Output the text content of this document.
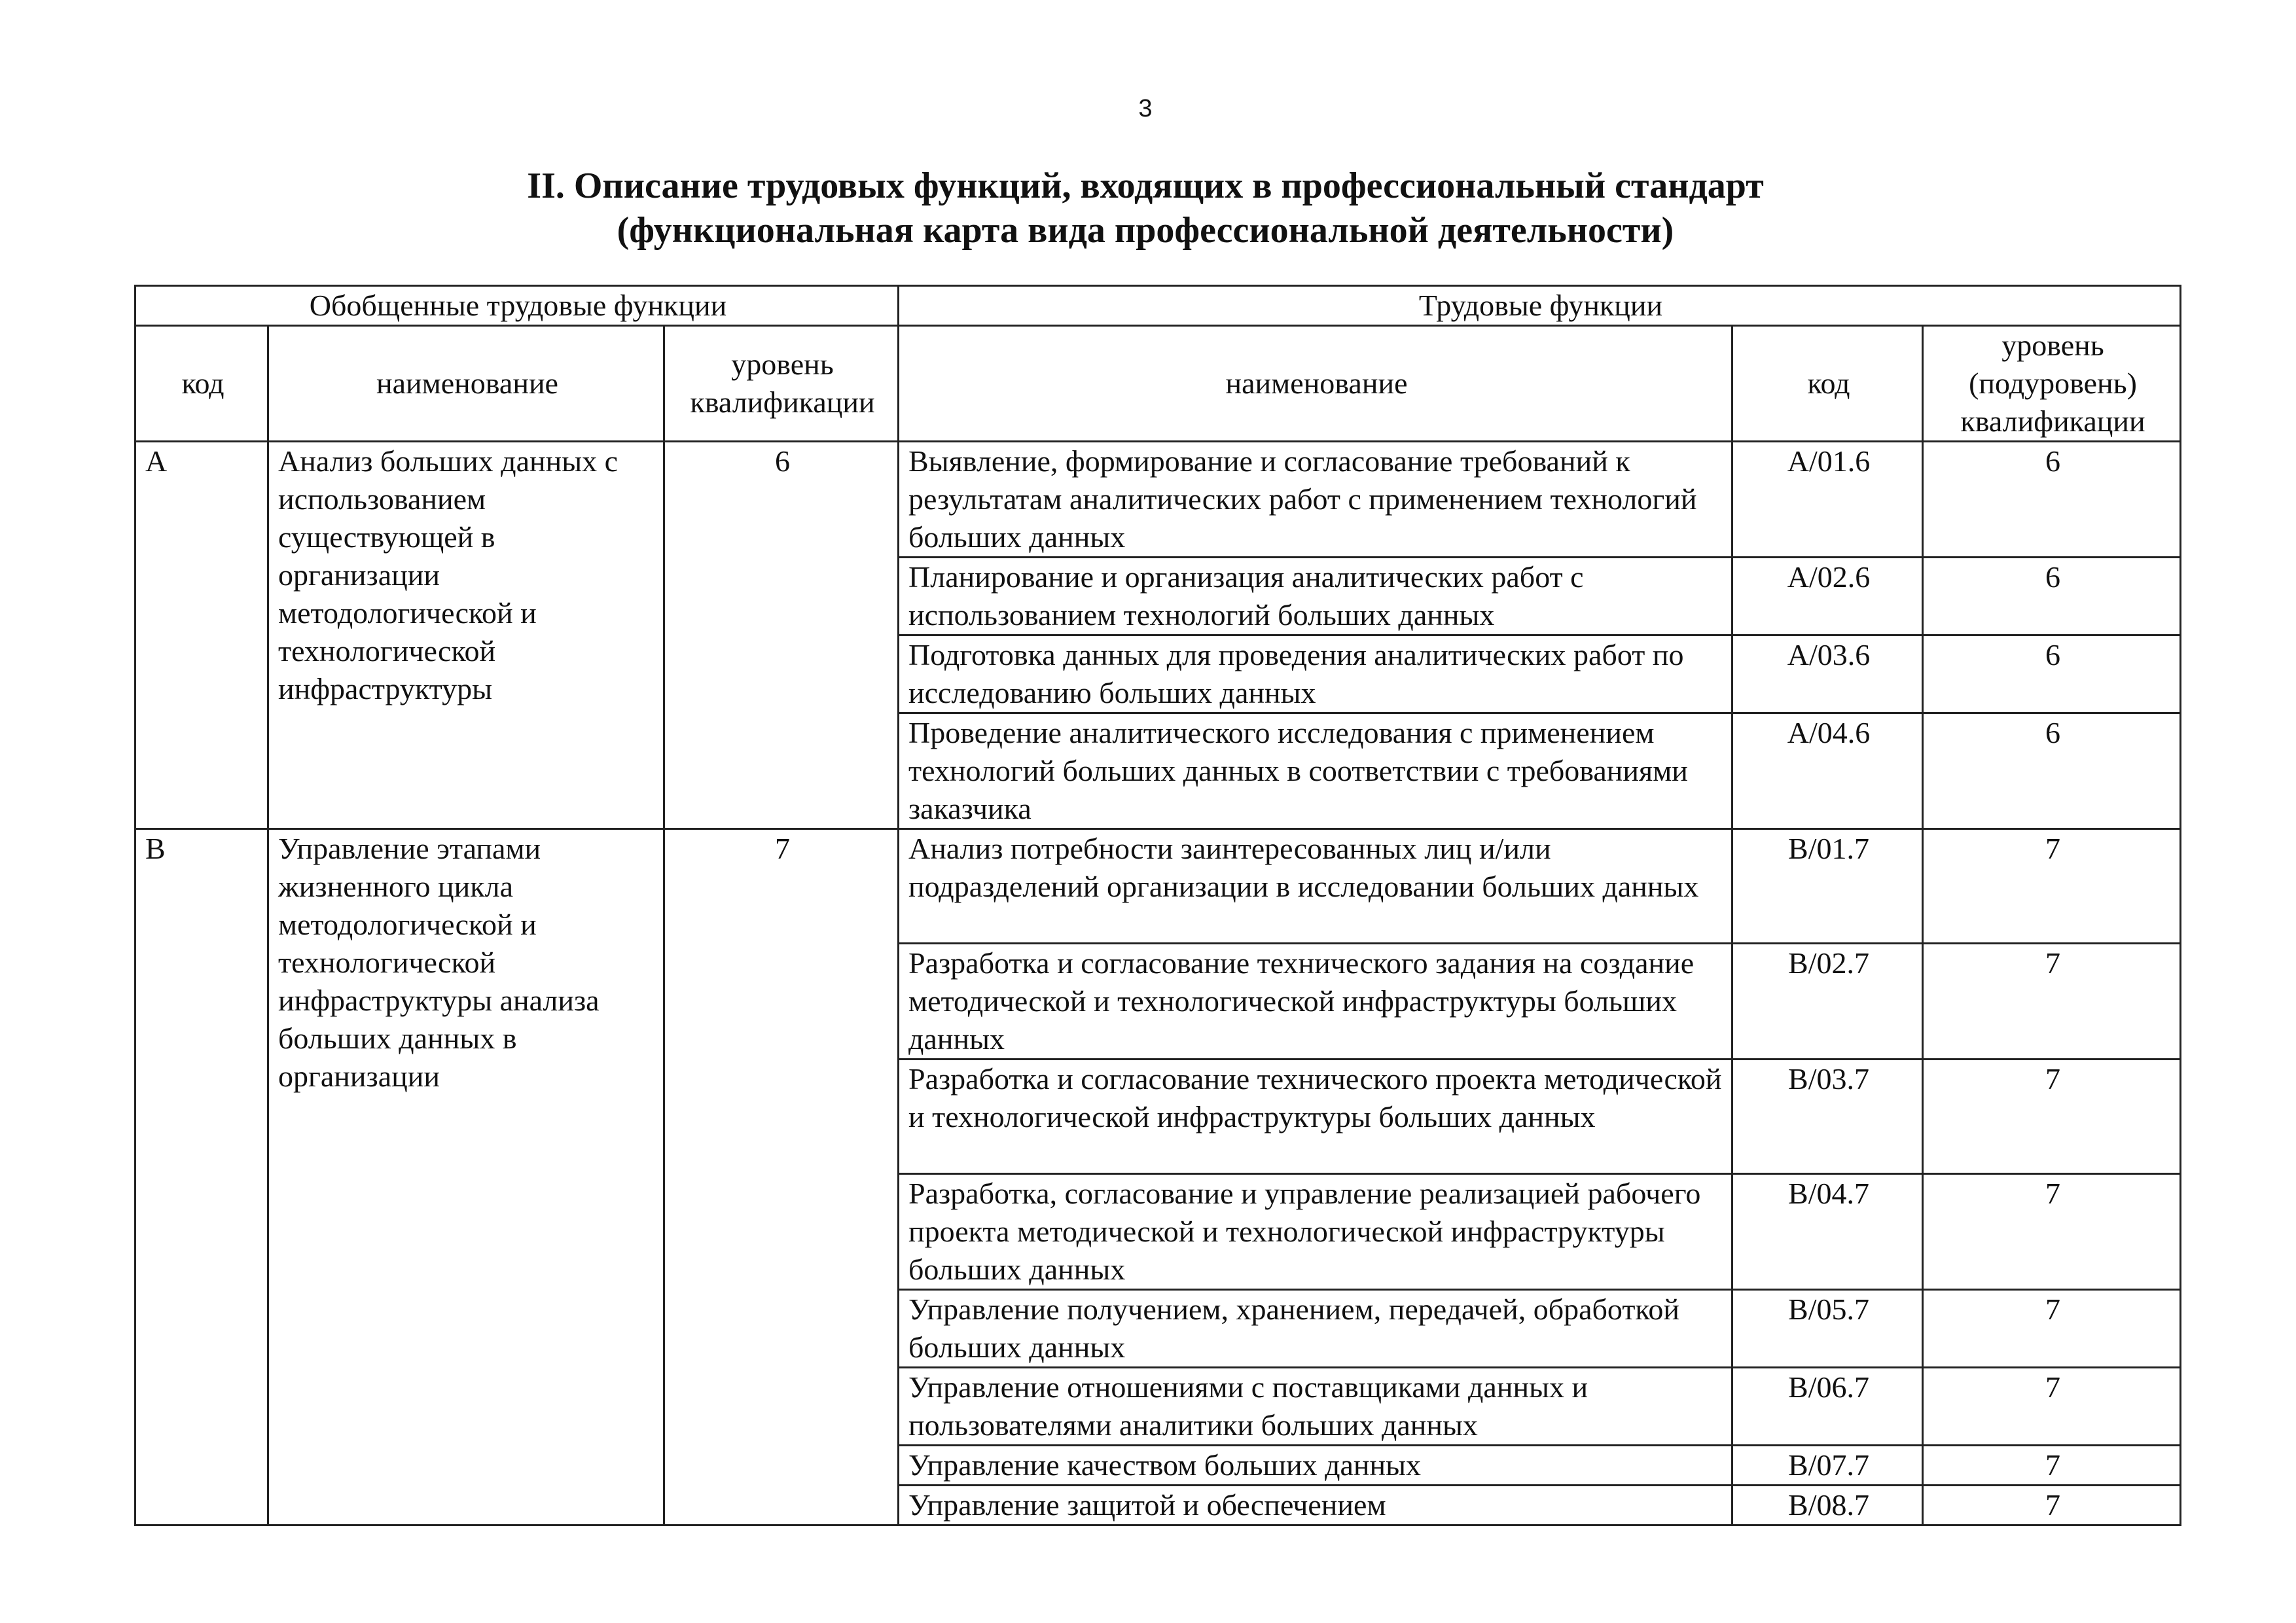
3
II. Описание трудовых функций, входящих в профессиональный стандарт
(функциональная карта вида профессиональной деятельности)
Обобщенные трудовые функции			Трудовые функции		
код	наименование	уровень квалификации	наименование	код	уровень (подуровень) квалификации
A	Анализ больших данных с использованием существующей в организации методологической и технологической инфраструктуры	6	Выявление, формирование и согласование требований к результатам аналитических работ с применением технологий больших данных	A/01.6	6
			Планирование и организация аналитических работ с использованием технологий больших данных	A/02.6	6
			Подготовка данных для проведения аналитических работ по исследованию больших данных	A/03.6	6
			Проведение аналитического исследования с применением технологий больших данных в соответствии с требованиями заказчика	A/04.6	6
B	Управление этапами жизненного цикла методологической и технологической инфраструктуры анализа больших данных в организации	7	Анализ потребности заинтересованных лиц и/или подразделений организации в исследовании больших данных	B/01.7	7
			Разработка и согласование технического задания на создание методической и технологической инфраструктуры больших данных	B/02.7	7
			Разработка и согласование технического проекта методической и технологической инфраструктуры больших данных	B/03.7	7
			Разработка, согласование и управление реализацией рабочего проекта методической и технологической инфраструктуры больших данных	B/04.7	7
			Управление получением, хранением, передачей, обработкой больших данных	B/05.7	7
			Управление отношениями с поставщиками данных и пользователями аналитики больших данных	B/06.7	7
			Управление качеством больших данных	B/07.7	7
			Управление защитой и обеспечением	B/08.7	7
